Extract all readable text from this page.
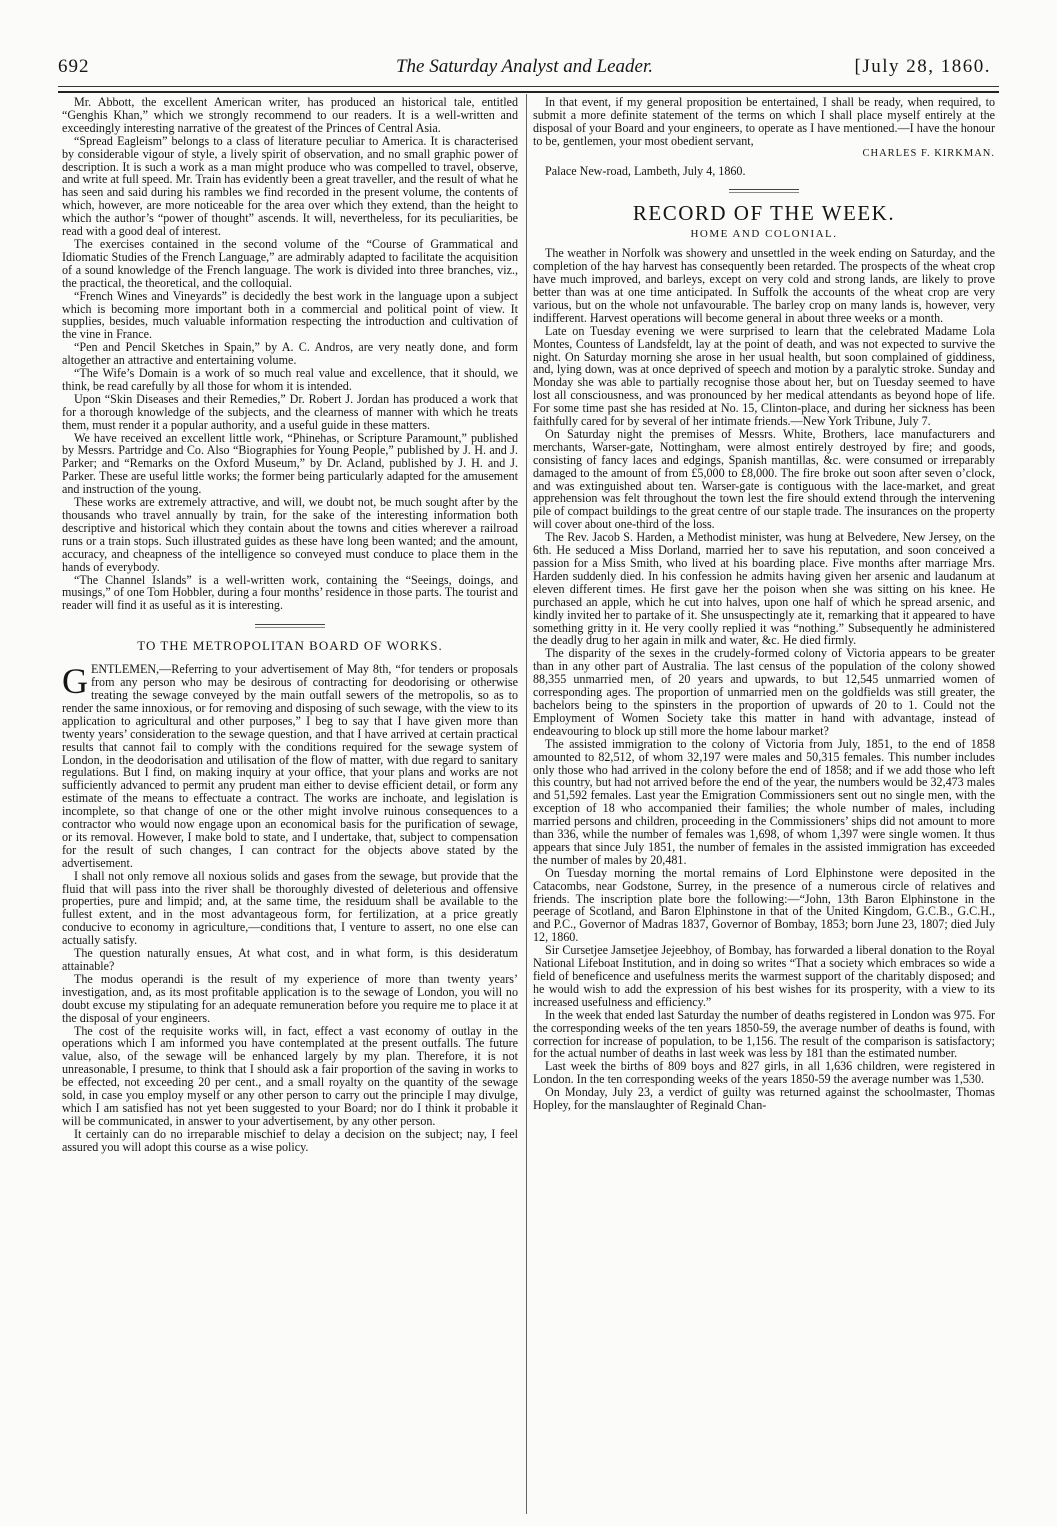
692	The Saturday Analyst and Leader.	[July 28, 1860.

Mr. Abbott, the excellent American writer, has produced an historical tale, entitled “Genghis Khan,” which we strongly recommend to our readers. It is a well-written and exceedingly interesting narrative of the greatest of the Princes of Central Asia.

“Spread Eagleism” belongs to a class of literature peculiar to America. It is characterised by considerable vigour of style, a lively spirit of observation, and no small graphic power of description. It is such a work as a man might produce who was compelled to travel, observe, and write at full speed. Mr. Train has evidently been a great traveller, and the result of what he has seen and said during his rambles we find recorded in the present volume, the contents of which, however, are more noticeable for the area over which they extend, than the height to which the author’s “power of thought” ascends. It will, nevertheless, for its peculiarities, be read with a good deal of interest.

The exercises contained in the second volume of the “Course of Grammatical and Idiomatic Studies of the French Language,” are admirably adapted to facilitate the acquisition of a sound knowledge of the French language. The work is divided into three branches, viz., the practical, the theoretical, and the colloquial.

“French Wines and Vineyards” is decidedly the best work in the language upon a subject which is becoming more important both in a commercial and political point of view. It supplies, besides, much valuable information respecting the introduction and cultivation of the vine in France.

“Pen and Pencil Sketches in Spain,” by A. C. Andros, are very neatly done, and form altogether an attractive and entertaining volume.

“The Wife’s Domain is a work of so much real value and excellence, that it should, we think, be read carefully by all those for whom it is intended.

Upon “Skin Diseases and their Remedies,” Dr. Robert J. Jordan has produced a work that for a thorough knowledge of the subjects, and the clearness of manner with which he treats them, must render it a popular authority, and a useful guide in these matters.

We have received an excellent little work, “Phinehas, or Scripture Paramount,” published by Messrs. Partridge and Co. Also “Biographies for Young People,” published by J. H. and J. Parker; and “Remarks on the Oxford Museum,” by Dr. Acland, published by J. H. and J. Parker. These are useful little works; the former being particularly adapted for the amusement and instruction of the young.

These works are extremely attractive, and will, we doubt not, be much sought after by the thousands who travel annually by train, for the sake of the interesting information both descriptive and historical which they contain about the towns and cities wherever a railroad runs or a train stops. Such illustrated guides as these have long been wanted; and the amount, accuracy, and cheapness of the intelligence so conveyed must conduce to place them in the hands of everybody.

“The Channel Islands” is a well-written work, containing the “Seeings, doings, and musings,” of one Tom Hobbler, during a four months’ residence in those parts. The tourist and reader will find it as useful as it is interesting.

TO THE METROPOLITAN BOARD OF WORKS.

GENTLEMEN,—Referring to your advertisement of May 8th, “for tenders or proposals from any person who may be desirous of contracting for deodorising or otherwise treating the sewage conveyed by the main outfall sewers of the metropolis, so as to render the same innoxious, or for removing and disposing of such sewage, with the view to its application to agricultural and other purposes,” I beg to say that I have given more than twenty years’ consideration to the sewage question, and that I have arrived at certain practical results that cannot fail to comply with the conditions required for the sewage system of London, in the deodorisation and utilisation of the flow of matter, with due regard to sanitary regulations. But I find, on making inquiry at your office, that your plans and works are not sufficiently advanced to permit any prudent man either to devise efficient detail, or form any estimate of the means to effectuate a contract. The works are inchoate, and legislation is incomplete, so that change of one or the other might involve ruinous consequences to a contractor who would now engage upon an economical basis for the purification of sewage, or its removal. However, I make bold to state, and I undertake, that, subject to compensation for the result of such changes, I can contract for the objects above stated by the advertisement.

I shall not only remove all noxious solids and gases from the sewage, but provide that the fluid that will pass into the river shall be thoroughly divested of deleterious and offensive properties, pure and limpid; and, at the same time, the residuum shall be available to the fullest extent, and in the most advantageous form, for fertilization, at a price greatly conducive to economy in agriculture,—conditions that, I venture to assert, no one else can actually satisfy.

The question naturally ensues, At what cost, and in what form, is this desideratum attainable?

The modus operandi is the result of my experience of more than twenty years’ investigation, and, as its most profitable application is to the sewage of London, you will no doubt excuse my stipulating for an adequate remuneration before you require me to place it at the disposal of your engineers.

The cost of the requisite works will, in fact, effect a vast economy of outlay in the operations which I am informed you have contemplated at the present outfalls. The future value, also, of the sewage will be enhanced largely by my plan. Therefore, it is not unreasonable, I presume, to think that I should ask a fair proportion of the saving in works to be effected, not exceeding 20 per cent., and a small royalty on the quantity of the sewage sold, in case you employ myself or any other person to carry out the principle I may divulge, which I am satisfied has not yet been suggested to your Board; nor do I think it probable it will be communicated, in answer to your advertisement, by any other person.

It certainly can do no irreparable mischief to delay a decision on the subject; nay, I feel assured you will adopt this course as a wise policy.

In that event, if my general proposition be entertained, I shall be ready, when required, to submit a more definite statement of the terms on which I shall place myself entirely at the disposal of your Board and your engineers, to operate as I have mentioned.—I have the honour to be, gentlemen, your most obedient servant,

CHARLES F. KIRKMAN.

Palace New-road, Lambeth, July 4, 1860.

RECORD OF THE WEEK.
HOME AND COLONIAL.

The weather in Norfolk was showery and unsettled in the week ending on Saturday, and the completion of the hay harvest has consequently been retarded. The prospects of the wheat crop have much improved, and barleys, except on very cold and strong lands, are likely to prove better than was at one time anticipated. In Suffolk the accounts of the wheat crop are very various, but on the whole not unfavourable. The barley crop on many lands is, however, very indifferent. Harvest operations will become general in about three weeks or a month.

Late on Tuesday evening we were surprised to learn that the celebrated Madame Lola Montes, Countess of Landsfeldt, lay at the point of death, and was not expected to survive the night. On Saturday morning she arose in her usual health, but soon complained of giddiness, and, lying down, was at once deprived of speech and motion by a paralytic stroke. Sunday and Monday she was able to partially recognise those about her, but on Tuesday seemed to have lost all consciousness, and was pronounced by her medical attendants as beyond hope of life. For some time past she has resided at No. 15, Clinton-place, and during her sickness has been faithfully cared for by several of her intimate friends.—New York Tribune, July 7.

On Saturday night the premises of Messrs. White, Brothers, lace manufacturers and merchants, Warser-gate, Nottingham, were almost entirely destroyed by fire; and goods, consisting of fancy laces and edgings, Spanish mantillas, &c. were consumed or irreparably damaged to the amount of from £5,000 to £8,000. The fire broke out soon after seven o’clock, and was extinguished about ten. Warser-gate is contiguous with the lace-market, and great apprehension was felt throughout the town lest the fire should extend through the intervening pile of compact buildings to the great centre of our staple trade. The insurances on the property will cover about one-third of the loss.

The Rev. Jacob S. Harden, a Methodist minister, was hung at Belvedere, New Jersey, on the 6th. He seduced a Miss Dorland, married her to save his reputation, and soon conceived a passion for a Miss Smith, who lived at his boarding place. Five months after marriage Mrs. Harden suddenly died. In his confession he admits having given her arsenic and laudanum at eleven different times. He first gave her the poison when she was sitting on his knee. He purchased an apple, which he cut into halves, upon one half of which he spread arsenic, and kindly invited her to partake of it. She unsuspectingly ate it, remarking that it appeared to have something gritty in it. He very coolly replied it was “nothing.” Subsequently he administered the deadly drug to her again in milk and water, &c. He died firmly.

The disparity of the sexes in the crudely-formed colony of Victoria appears to be greater than in any other part of Australia. The last census of the population of the colony showed 88,355 unmarried men, of 20 years and upwards, to but 12,545 unmarried women of corresponding ages. The proportion of unmarried men on the goldfields was still greater, the bachelors being to the spinsters in the proportion of upwards of 20 to 1. Could not the Employment of Women Society take this matter in hand with advantage, instead of endeavouring to block up still more the home labour market?

The assisted immigration to the colony of Victoria from July, 1851, to the end of 1858 amounted to 82,512, of whom 32,197 were males and 50,315 females. This number includes only those who had arrived in the colony before the end of 1858; and if we add those who left this country, but had not arrived before the end of the year, the numbers would be 32,473 males and 51,592 females. Last year the Emigration Commissioners sent out no single men, with the exception of 18 who accompanied their families; the whole number of males, including married persons and children, proceeding in the Commissioners’ ships did not amount to more than 336, while the number of females was 1,698, of whom 1,397 were single women. It thus appears that since July 1851, the number of females in the assisted immigration has exceeded the number of males by 20,481.

On Tuesday morning the mortal remains of Lord Elphinstone were deposited in the Catacombs, near Godstone, Surrey, in the presence of a numerous circle of relatives and friends. The inscription plate bore the following:—“John, 13th Baron Elphinstone in the peerage of Scotland, and Baron Elphinstone in that of the United Kingdom, G.C.B., G.C.H., and P.C., Governor of Madras 1837, Governor of Bombay, 1853; born June 23, 1807; died July 12, 1860.

Sir Cursetjee Jamsetjee Jejeebhoy, of Bombay, has forwarded a liberal donation to the Royal National Lifeboat Institution, and in doing so writes “That a society which embraces so wide a field of beneficence and usefulness merits the warmest support of the charitably disposed; and he would wish to add the expression of his best wishes for its prosperity, with a view to its increased usefulness and efficiency.”

In the week that ended last Saturday the number of deaths registered in London was 975. For the corresponding weeks of the ten years 1850-59, the average number of deaths is found, with correction for increase of population, to be 1,156. The result of the comparison is satisfactory; for the actual number of deaths in last week was less by 181 than the estimated number.

Last week the births of 809 boys and 827 girls, in all 1,636 children, were registered in London. In the ten corresponding weeks of the years 1850-59 the average number was 1,530.

On Monday, July 23, a verdict of guilty was returned against the schoolmaster, Thomas Hopley, for the manslaughter of Reginald Chan-
